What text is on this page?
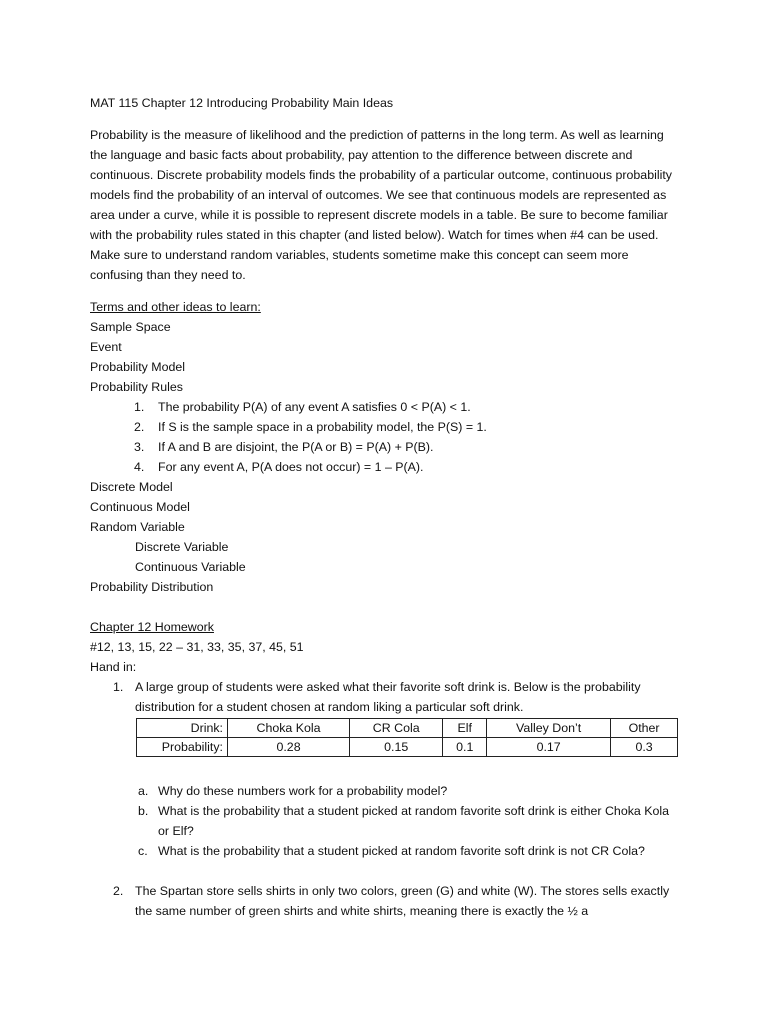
MAT 115 Chapter 12 Introducing Probability Main Ideas

Probability is the measure of likelihood and the prediction of patterns in the long term. As well as learning the language and basic facts about probability, pay attention to the difference between discrete and continuous. Discrete probability models finds the probability of a particular outcome, continuous probability models find the probability of an interval of outcomes. We see that continuous models are represented as area under a curve, while it is possible to represent discrete models in a table. Be sure to become familiar with the probability rules stated in this chapter (and listed below). Watch for times when #4 can be used. Make sure to understand random variables, students sometime make this concept can seem more confusing than they need to.

Terms and other ideas to learn:

Sample Space

Event

Probability Model

Probability Rules

1. The probability P(A) of any event A satisfies 0 < P(A) < 1.
2. If S is the sample space in a probability model, the P(S) = 1.
3. If A and B are disjoint, the P(A or B) = P(A) + P(B).
4. For any event A, P(A does not occur) = 1 – P(A).

Discrete Model

Continuous Model

Random Variable

Discrete Variable

Continuous Variable

Probability Distribution

Chapter 12 Homework

#12, 13, 15, 22 – 31, 33, 35, 37, 45, 51

Hand in:

1. A large group of students were asked what their favorite soft drink is. Below is the probability distribution for a student chosen at random liking a particular soft drink.
Drink:	Choka Kola	CR Cola	Elf	Valley Don’t	Other
Probability:	0.28	0.15	0.1	0.17	0.3
a. Why do these numbers work for a probability model?
b. What is the probability that a student picked at random favorite soft drink is either Choka Kola or Elf?
c. What is the probability that a student picked at random favorite soft drink is not CR Cola?
2. The Spartan store sells shirts in only two colors, green (G) and white (W). The stores sells exactly the same number of green shirts and white shirts, meaning there is exactly the ½ a
